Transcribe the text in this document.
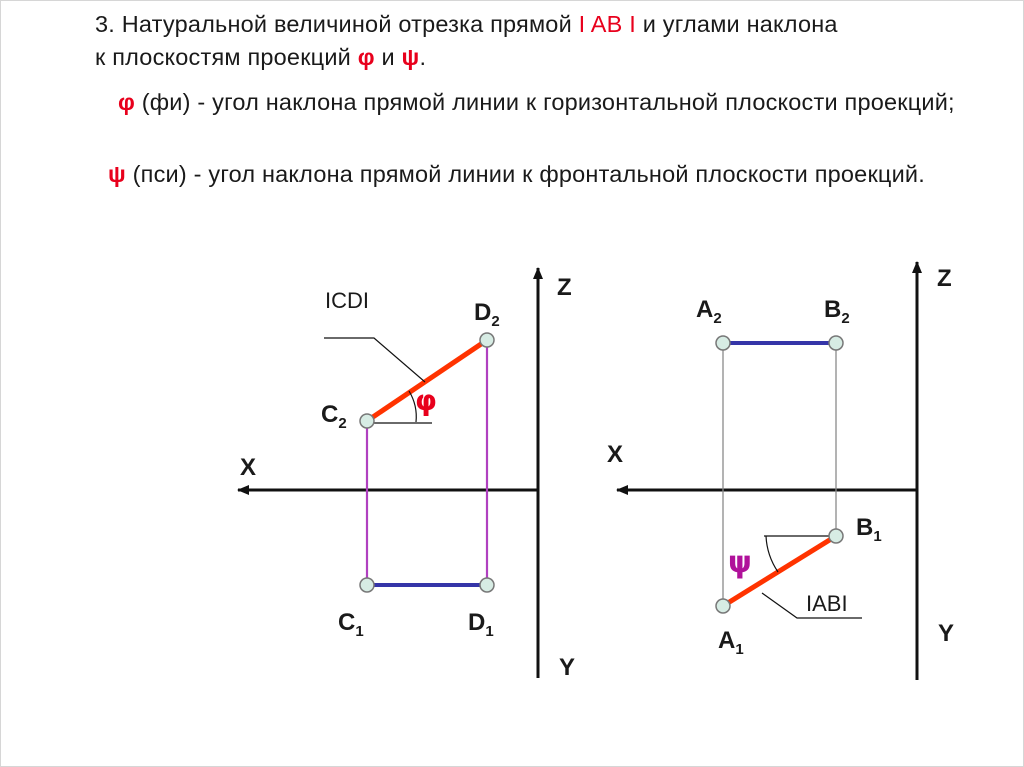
3. Натуральной величиной отрезка прямой I AB I и углами наклона
к плоскостям проекций φ и ψ.
φ (фи) - угол наклона прямой линии к горизонтальной плоскости проекций;
ψ (пси) - угол наклона прямой линии к фронтальной плоскости проекций.
φ
ICDI	Z
X
Y
$D_2$
$C_2$
$C_1$	$D_1$
ψ
IABI
Z
X
Y
$A_2$	$B_2$
$B_1$
$A_1$
